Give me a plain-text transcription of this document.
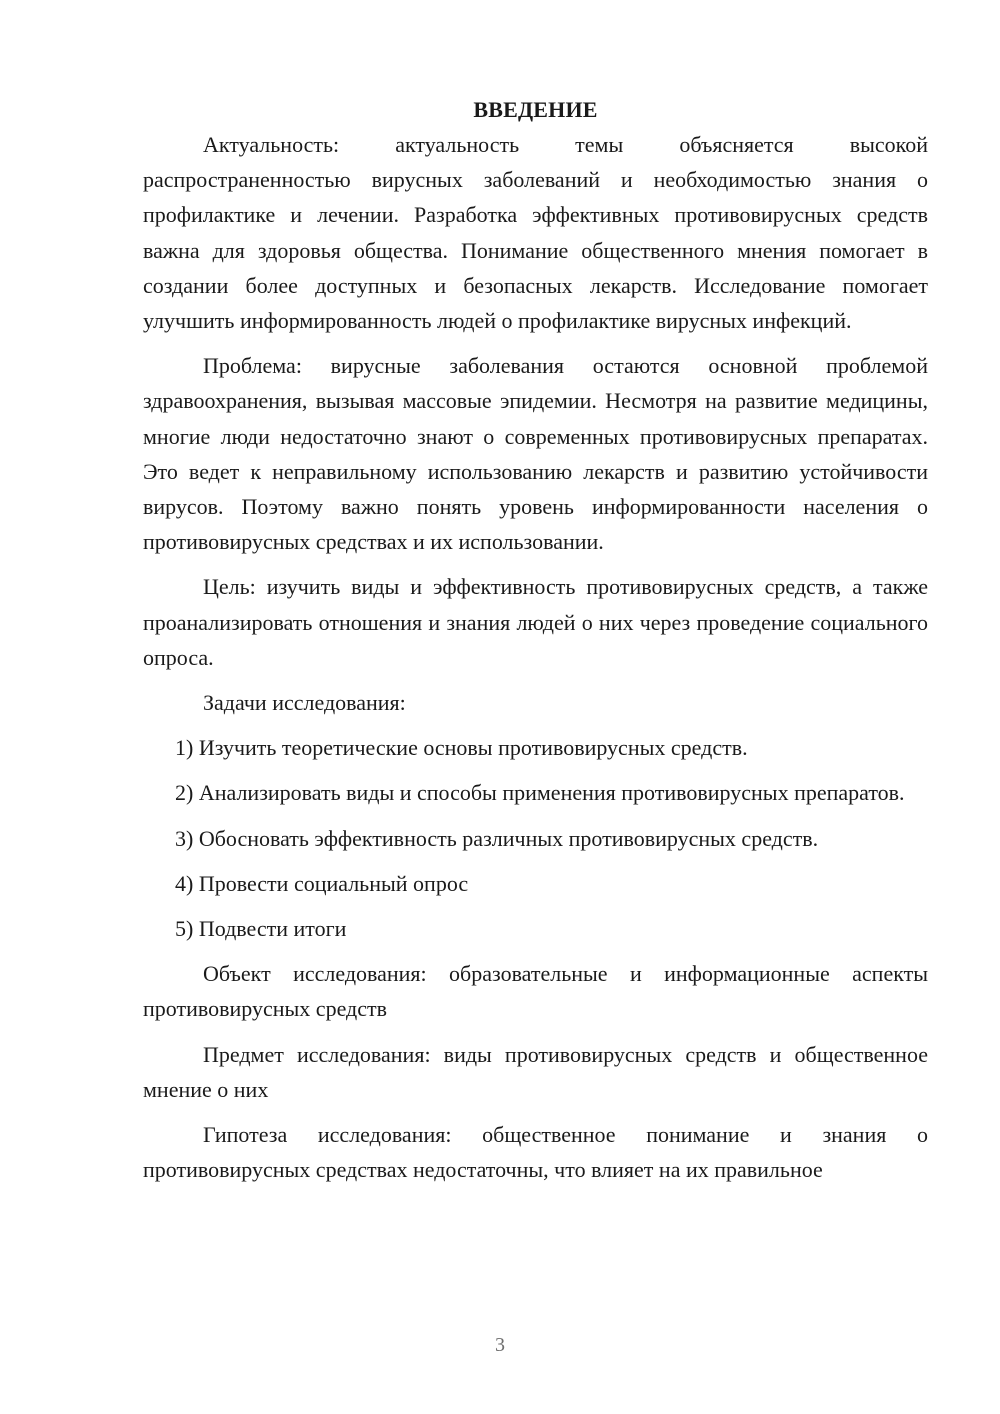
ВВЕДЕНИЕ

Актуальность: актуальность темы объясняется высокой распространенностью вирусных заболеваний и необходимостью знания о профилактике и лечении. Разработка эффективных противовирусных средств важна для здоровья общества. Понимание общественного мнения помогает в создании более доступных и безопасных лекарств. Исследование помогает улучшить информированность людей о профилактике вирусных инфекций.

Проблема: вирусные заболевания остаются основной проблемой здравоохранения, вызывая массовые эпидемии. Несмотря на развитие медицины, многие люди недостаточно знают о современных противовирусных препаратах. Это ведет к неправильному использованию лекарств и развитию устойчивости вирусов. Поэтому важно понять уровень информированности населения о противовирусных средствах и их использовании.

Цель: изучить виды и эффективность противовирусных средств, а также проанализировать отношения и знания людей о них через проведение социального опроса.

Задачи исследования:

1) Изучить теоретические основы противовирусных средств.

2) Анализировать виды и способы применения противовирусных препаратов.

3) Обосновать эффективность различных противовирусных средств.

4) Провести социальный опрос

5) Подвести итоги

Объект исследования: образовательные и информационные аспекты противовирусных средств

Предмет исследования: виды противовирусных средств и общественное мнение о них

Гипотеза исследования: общественное понимание и знания о противовирусных средствах недостаточны, что влияет на их правильное

3
